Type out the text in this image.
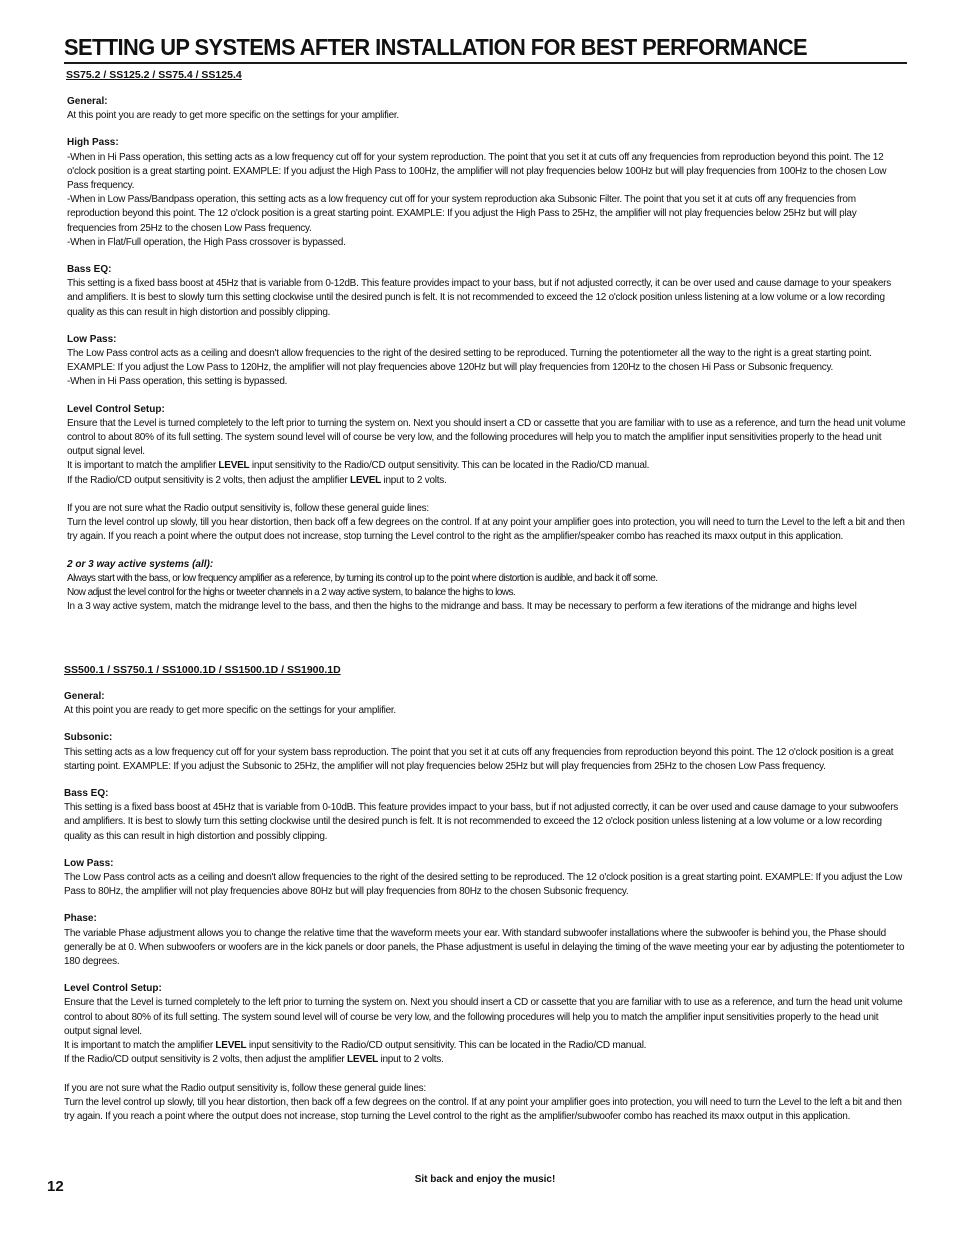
SETTING UP SYSTEMS AFTER INSTALLATION FOR BEST PERFORMANCE
SS75.2 / SS125.2 / SS75.4 / SS125.4
General:

At this point you are ready to get more specific on the settings for your amplifier.

High Pass:

-When in Hi Pass operation, this setting acts as a low frequency cut off for your system reproduction. The point that you set it at cuts off any frequencies from reproduction beyond this point. The 12 o'clock position is a great starting point. EXAMPLE: If you adjust the High Pass to 100Hz, the amplifier will not play frequencies below 100Hz but will play frequencies from 100Hz to the chosen Low Pass frequency.

-When in Low Pass/Bandpass operation, this setting acts as a low frequency cut off for your system reproduction aka Subsonic Filter. The point that you set it at cuts off any frequencies from reproduction beyond this point. The 12 o'clock position is a great starting point. EXAMPLE: If you adjust the High Pass to 25Hz, the amplifier will not play frequencies below 25Hz but will play frequencies from 25Hz to the chosen Low Pass frequency.

-When in Flat/Full operation, the High Pass crossover is bypassed.

Bass EQ:

This setting is a fixed bass boost at 45Hz that is variable from 0-12dB. This feature provides impact to your bass, but if not adjusted correctly, it can be over used and cause damage to your speakers and amplifiers. It is best to slowly turn this setting clockwise until the desired punch is felt. It is not recommended to exceed the 12 o'clock position unless listening at a low volume or a low recording quality as this can result in high distortion and possibly clipping.

Low Pass:

The Low Pass control acts as a ceiling and doesn't allow frequencies to the right of the desired setting to be reproduced. Turning the potentiometer all the way to the right is a great starting point. EXAMPLE: If you adjust the Low Pass to 120Hz, the amplifier will not play frequencies above 120Hz but will play frequencies from 120Hz to the chosen Hi Pass or Subsonic frequency.

-When in Hi Pass operation, this setting is bypassed.

Level Control Setup:

Ensure that the Level is turned completely to the left prior to turning the system on. Next you should insert a CD or cassette that you are familiar with to use as a reference, and turn the head unit volume control to about 80% of its full setting. The system sound level will of course be very low, and the following procedures will help you to match the amplifier input sensitivities properly to the head unit output signal level.

It is important to match the amplifier LEVEL input sensitivity to the Radio/CD output sensitivity. This can be located in the Radio/CD manual.

If the Radio/CD output sensitivity is 2 volts, then adjust the amplifier LEVEL input to 2 volts.

If you are not sure what the Radio output sensitivity is, follow these general guide lines:

Turn the level control up slowly, till you hear distortion, then back off a few degrees on the control. If at any point your amplifier goes into protection, you will need to turn the Level to the left a bit and then try again. If you reach a point where the output does not increase, stop turning the Level control to the right as the amplifier/speaker combo has reached its maxx output in this application.

2 or 3 way active systems (all):

Always start with the bass, or low frequency amplifier as a reference, by turning its control up to the point where distortion is audible, and back it off some.

Now adjust the level control for the highs or tweeter channels in a 2 way active system, to balance the highs to lows.

In a 3 way active system, match the midrange level to the bass, and then the highs to the midrange and bass. It may be necessary to perform a few iterations of the midrange and highs level

SS500.1 / SS750.1 / SS1000.1D / SS1500.1D / SS1900.1D
General:

At this point you are ready to get more specific on the settings for your amplifier.

Subsonic:

This setting acts as a low frequency cut off for your system bass reproduction. The point that you set it at cuts off any frequencies from reproduction beyond this point. The 12 o'clock position is a great starting point. EXAMPLE: If you adjust the Subsonic to 25Hz, the amplifier will not play frequencies below 25Hz but will play frequencies from 25Hz to the chosen Low Pass frequency.

Bass EQ:

This setting is a fixed bass boost at 45Hz that is variable from 0-10dB. This feature provides impact to your bass, but if not adjusted correctly, it can be over used and cause damage to your subwoofers and amplifiers. It is best to slowly turn this setting clockwise until the desired punch is felt. It is not recommended to exceed the 12 o'clock position unless listening at a low volume or a low recording quality as this can result in high distortion and possibly clipping.

Low Pass:

The Low Pass control acts as a ceiling and doesn't allow frequencies to the right of the desired setting to be reproduced. The 12 o'clock position is a great starting point. EXAMPLE: If you adjust the Low Pass to 80Hz, the amplifier will not play frequencies above 80Hz but will play frequencies from 80Hz to the chosen Subsonic frequency.

Phase:

The variable Phase adjustment allows you to change the relative time that the waveform meets your ear. With standard subwoofer installations where the subwoofer is behind you, the Phase should generally be at 0. When subwoofers or woofers are in the kick panels or door panels, the Phase adjustment is useful in delaying the timing of the wave meeting your ear by adjusting the potentiometer to 180 degrees.

Level Control Setup:

Ensure that the Level is turned completely to the left prior to turning the system on. Next you should insert a CD or cassette that you are familiar with to use as a reference, and turn the head unit volume control to about 80% of its full setting. The system sound level will of course be very low, and the following procedures will help you to match the amplifier input sensitivities properly to the head unit output signal level.

It is important to match the amplifier LEVEL input sensitivity to the Radio/CD output sensitivity. This can be located in the Radio/CD manual.

If the Radio/CD output sensitivity is 2 volts, then adjust the amplifier LEVEL input to 2 volts.

If you are not sure what the Radio output sensitivity is, follow these general guide lines:

Turn the level control up slowly, till you hear distortion, then back off a few degrees on the control. If at any point your amplifier goes into protection, you will need to turn the Level to the left a bit and then try again. If you reach a point where the output does not increase, stop turning the Level control to the right as the amplifier/subwoofer combo has reached its maxx output in this application.

12	Sit back and enjoy the music!
